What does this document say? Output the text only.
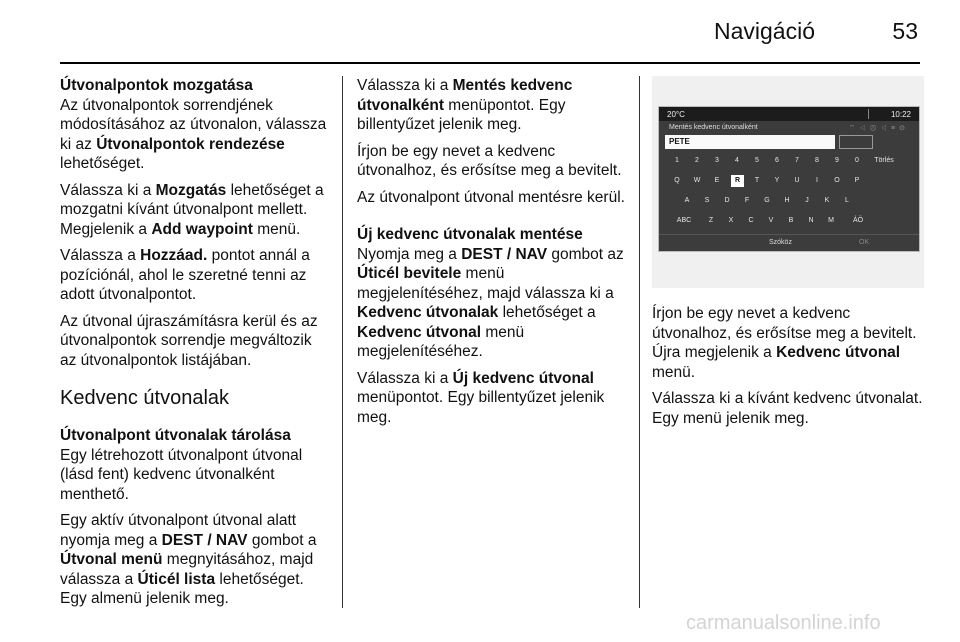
Navigáció	53

Útvonalpontok mozgatása

Az útvonalpontok sorrendjének módosításához az útvonalon, válassza ki az Útvonalpontok rendezése lehetőséget.

Válassza ki a Mozgatás lehetőséget a mozgatni kívánt útvonalpont mellett. Megjelenik a Add waypoint menü.

Válassza a Hozzáad. pontot annál a pozíciónál, ahol le szeretné tenni az adott útvonalpontot.

Az útvonal újraszámításra kerül és az útvonalpontok sorrendje megváltozik az útvonalpontok listájában.

Kedvenc útvonalak

Útvonalpont útvonalak tárolása

Egy létrehozott útvonalpont útvonal (lásd fent) kedvenc útvonalként menthető.

Egy aktív útvonalpont útvonal alatt nyomja meg a DEST / NAV gombot a Útvonal menü megnyitásához, majd válassza a Úticél lista lehetőséget. Egy almenü jelenik meg.

Válassza ki a Mentés kedvenc útvonalként menüpontot. Egy billentyűzet jelenik meg.

Írjon be egy nevet a kedvenc útvonalhoz, és erősítse meg a bevitelt.

Az útvonalpont útvonal mentésre kerül.

Új kedvenc útvonalak mentése

Nyomja meg a DEST / NAV gombot az Úticél bevitele menü megjelenítéséhez, majd válassza ki a Kedvenc útvonalak lehetőséget a Kedvenc útvonal menü megjelenítéséhez.

Válassza ki a Új kedvenc útvonal menüpontot. Egy billentyűzet jelenik meg.

20°C	10:22
Mentés kedvenc útvonalként	⌔◁⊗◁≡⊙
PETE
1	2	3	4	5	6	7	8	9	0	Törlés
Q	W	E	R	T	Y	U	I	O	P
A	S	D	F	G	H	J	K	L
ABC	Z	X	C	V	B	N	M	ÁÖ
Szóköz	OK

Írjon be egy nevet a kedvenc útvonalhoz, és erősítse meg a bevitelt. Újra megjelenik a Kedvenc útvonal menü.

Válassza ki a kívánt kedvenc útvonalat. Egy menü jelenik meg.

carmanualsonline.info
